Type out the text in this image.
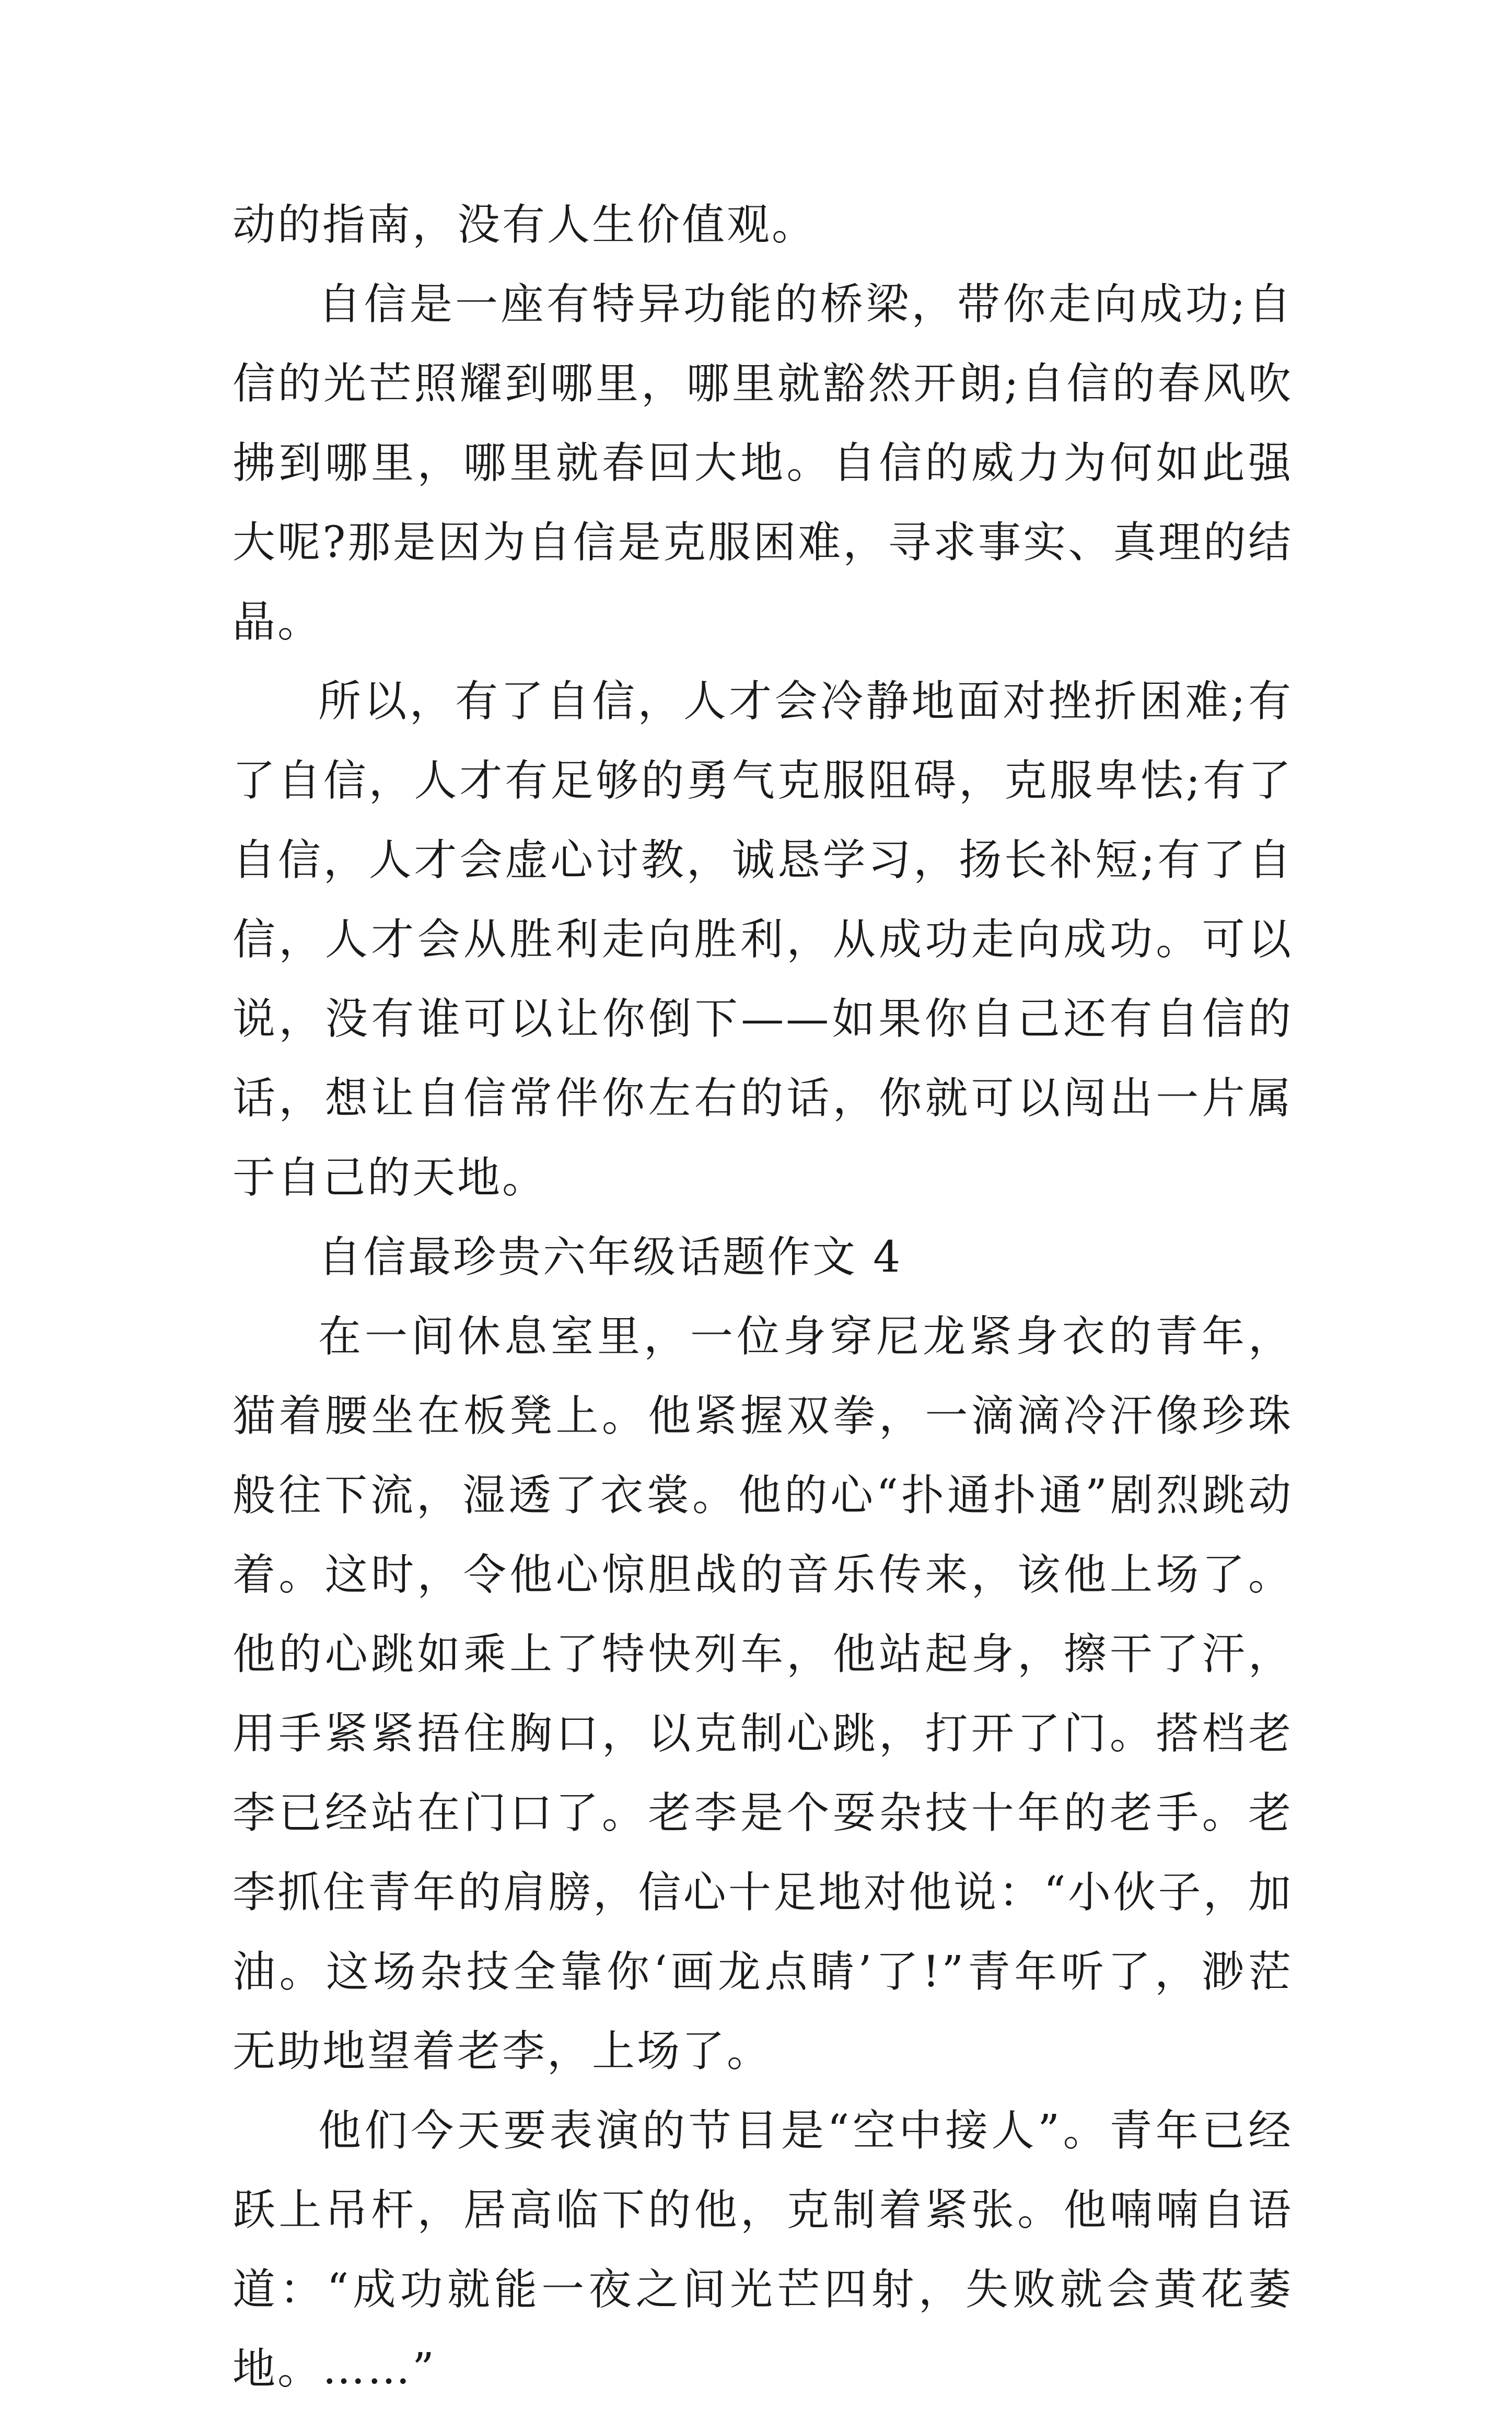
动的指南，没有人生价值观。

自信是一座有特异功能的桥梁，带你走向成功;自信的光芒照耀到哪里，哪里就豁然开朗;自信的春风吹拂到哪里，哪里就春回大地。自信的威力为何如此强大呢?那是因为自信是克服困难，寻求事实、真理的结晶。

所以，有了自信，人才会冷静地面对挫折困难;有了自信，人才有足够的勇气克服阻碍，克服卑怯;有了自信，人才会虚心讨教，诚恳学习，扬长补短;有了自信，人才会从胜利走向胜利，从成功走向成功。可以说，没有谁可以让你倒下——如果你自己还有自信的话，想让自信常伴你左右的话，你就可以闯出一片属于自己的天地。

自信最珍贵六年级话题作文 4

在一间休息室里，一位身穿尼龙紧身衣的青年，猫着腰坐在板凳上。他紧握双拳，一滴滴冷汗像珍珠般往下流，湿透了衣裳。他的心“扑通扑通”剧烈跳动着。这时，令他心惊胆战的音乐传来，该他上场了。他的心跳如乘上了特快列车，他站起身，擦干了汗，用手紧紧捂住胸口，以克制心跳，打开了门。搭档老李已经站在门口了。老李是个耍杂技十年的老手。老李抓住青年的肩膀，信心十足地对他说：“小伙子，加油。这场杂技全靠你‘画龙点睛’了!”青年听了，渺茫无助地望着老李，上场了。

他们今天要表演的节目是“空中接人”。青年已经跃上吊杆，居高临下的他，克制着紧张。他喃喃自语道：“成功就能一夜之间光芒四射，失败就会黄花萎地。……”
